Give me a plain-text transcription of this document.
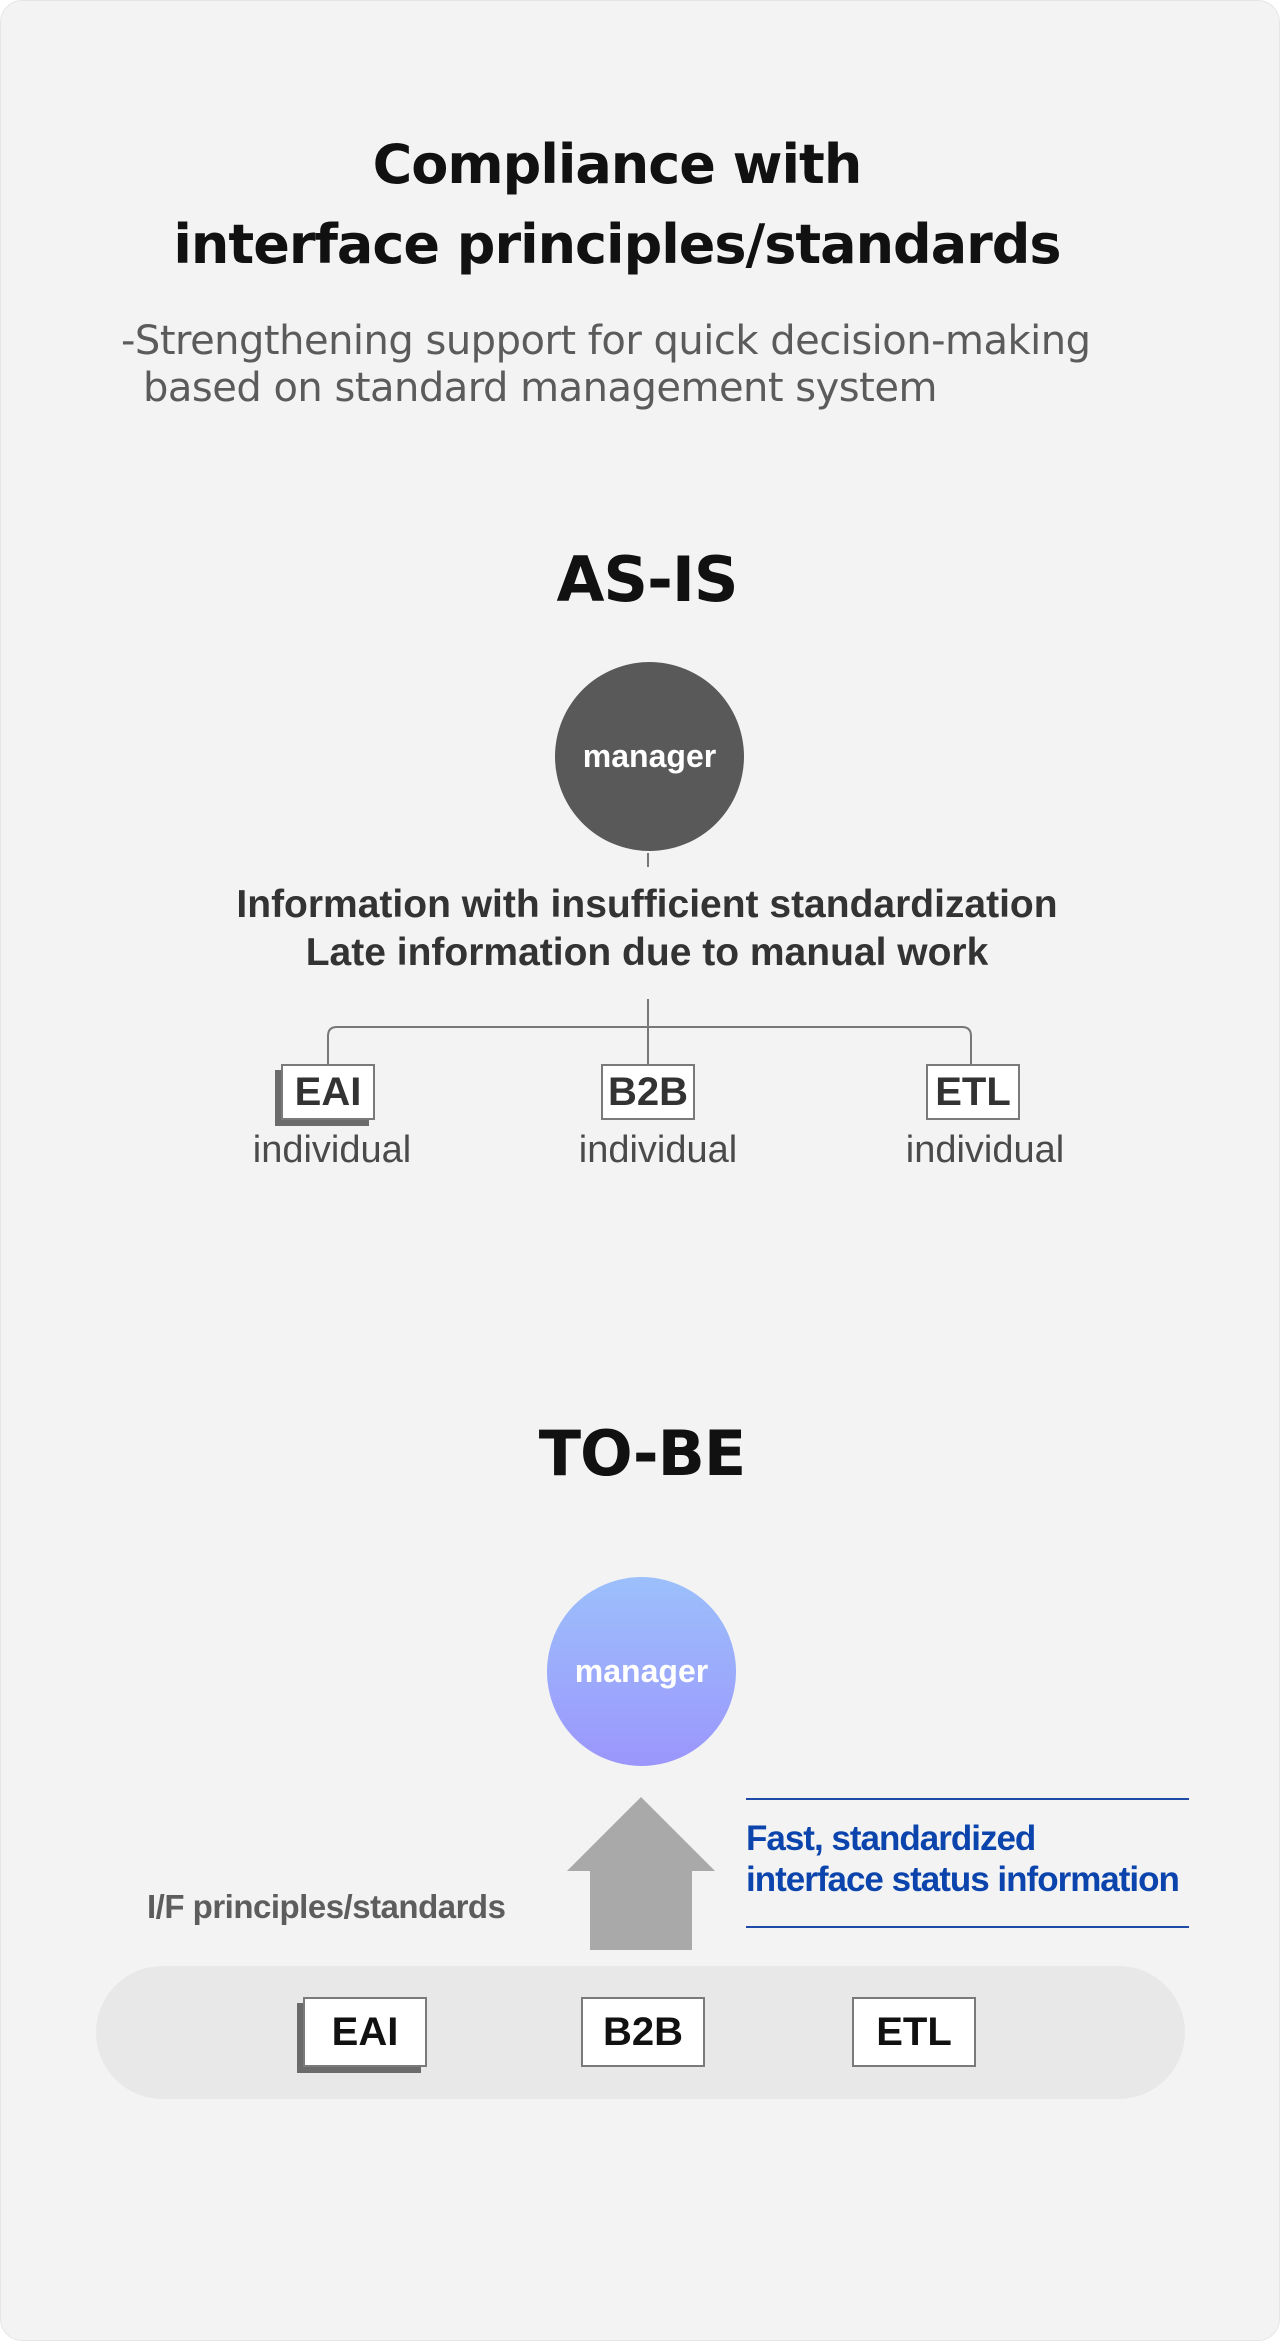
Compliance with
interface principles/standards
-Strengthening support for quick decision-making
based on standard management system
AS-IS
manager
Information with insufficient standardization
Late information due to manual work
EAI	B2B	ETL
individual	individual	individual
TO-BE
manager
I/F principles/standards
Fast, standardized
interface status information
EAI	B2B	ETL
